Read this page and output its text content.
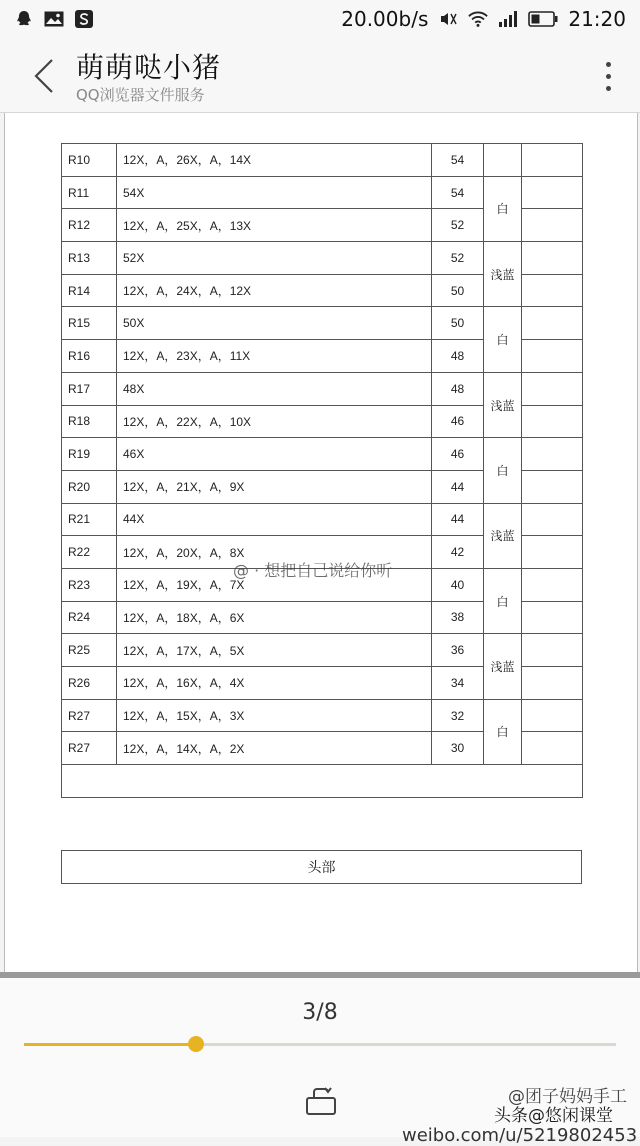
20.00b/s	21:20
萌萌哒小猪
QQ浏览器文件服务
R10	12X，A，26X，A，14X	54		
R11	54X	54	白	
R12	12X，A，25X，A，13X	52		
R13	52X	52	浅蓝	
R14	12X，A，24X，A，12X	50		
R15	50X	50	白	
R16	12X，A，23X，A，11X	48		
R17	48X	48	浅蓝	
R18	12X，A，22X，A，10X	46		
R19	46X	46	白	
R20	12X，A，21X，A，9X	44		
R21	44X	44	浅蓝	
R22	12X，A，20X，A，8X	42		
R23	12X，A，19X，A，7X	40	白	
R24	12X，A，18X，A，6X	38		
R25	12X，A，17X，A，5X	36	浅蓝	
R26	12X，A，16X，A，4X	34		
R27	12X，A，15X，A，3X	32	白	
R27	12X，A，14X，A，2X	30		

@ · 想把自己说给你听
头部
3/8
@团子妈妈手工
头条@悠闲课堂
weibo.com/u/5219802453
